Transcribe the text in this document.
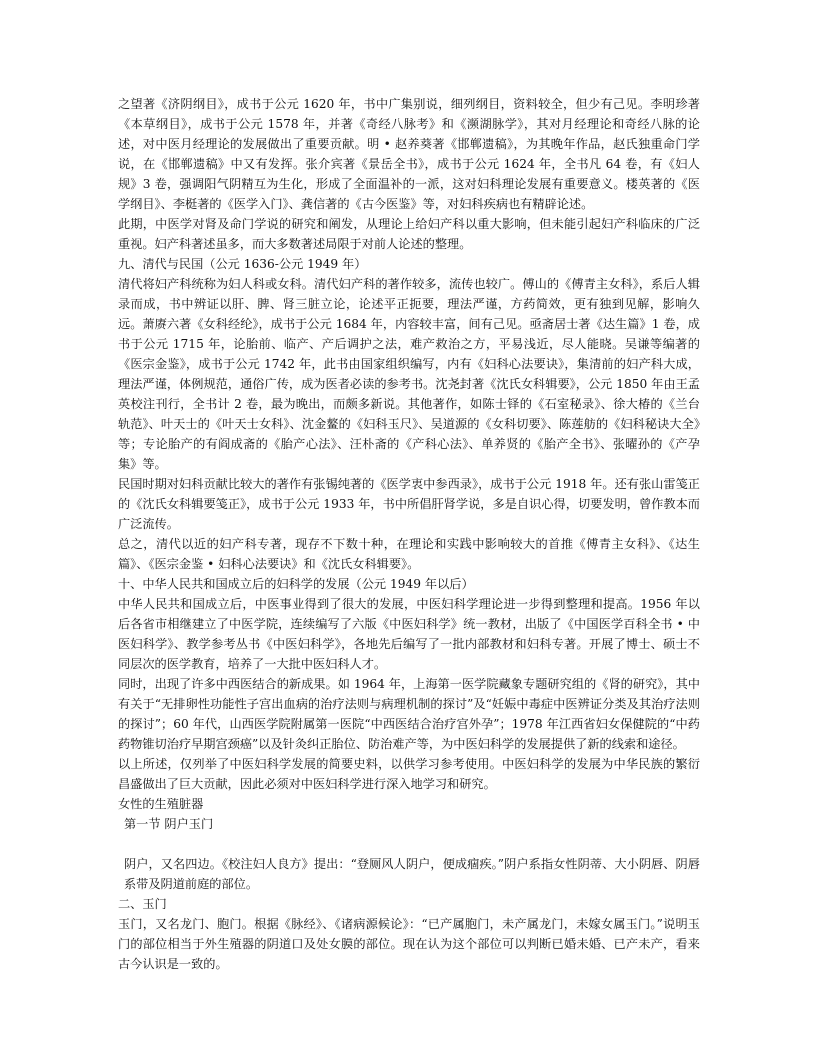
之望著《济阴纲目》，成书于公元 1620 年，书中广集别说，细列纲目，资料较全，但少有己见。李明珍著《本草纲目》，成书于公元 1578 年，并著《奇经八脉考》和《濒湖脉学》，其对月经理论和奇经八脉的论述，对中医月经理论的发展做出了重要贡献。明 • 赵养葵著《邯郸遗稿》，为其晚年作品，赵氏独重命门学说，在《邯郸遗稿》中又有发挥。张介宾著《景岳全书》，成书于公元 1624 年，全书凡 64 卷，有《妇人规》3 卷，强调阳气阴精互为生化，形成了全面温补的一派，这对妇科理论发展有重要意义。楼英著的《医学纲目》、李梃著的《医学入门》、龚信著的《古今医鉴》等，对妇科疾病也有精辟论述。

此期，中医学对肾及命门学说的研究和阐发，从理论上给妇产科以重大影响，但未能引起妇产科临床的广泛重视。妇产科著述虽多，而大多数著述局限于对前人论述的整理。

九、清代与民国（公元 1636-公元 1949 年）

清代将妇产科统称为妇人科或女科。清代妇产科的著作较多，流传也较广。傅山的《傅青主女科》，系后人辑录而成，书中辨证以肝、脾、肾三脏立论，论述平正扼要，理法严谨，方药简效，更有独到见解，影响久远。萧赓六著《女科经纶》，成书于公元 1684 年，内容较丰富，间有己见。亟斋居士著《达生篇》1 卷，成书于公元 1715 年，论胎前、临产、产后调护之法，难产救治之方，平易浅近，尽人能晓。吴谦等编著的《医宗金鉴》，成书于公元 1742 年，此书由国家组织编写，内有《妇科心法要诀》，集清前的妇产科大成，理法严谨，体例规范，通俗广传，成为医者必读的参考书。沈尧封著《沈氏女科辑要》，公元 1850 年由王孟英校注刊行，全书计 2 卷，最为晚出，而颇多新说。其他著作，如陈士铎的《石室秘录》、徐大椿的《兰台轨范》、叶天士的《叶天士女科》、沈金鳌的《妇科玉尺》、吴道源的《女科切要》、陈莲舫的《妇科秘诀大全》等；专论胎产的有阎成斋的《胎产心法》、汪朴斋的《产科心法》、单养贤的《胎产全书》、张曜孙的《产孕集》等。

民国时期对妇科贡献比较大的著作有张锡纯著的《医学衷中参西录》，成书于公元 1918 年。还有张山雷笺正的《沈氏女科辑要笺正》，成书于公元 1933 年，书中所倡肝肾学说，多是自识心得，切要发明，曾作教本而广泛流传。

总之，清代以近的妇产科专著，现存不下数十种，在理论和实践中影响较大的首推《傅青主女科》、《达生篇》、《医宗金鉴 • 妇科心法要诀》和《沈氏女科辑要》。

十、中华人民共和国成立后的妇科学的发展（公元 1949 年以后）

中华人民共和国成立后，中医事业得到了很大的发展，中医妇科学理论进一步得到整理和提高。1956 年以后各省市相继建立了中医学院，连续编写了六版《中医妇科学》统一教材，出版了《中国医学百科全书 • 中医妇科学》、教学参考丛书《中医妇科学》，各地先后编写了一批内部教材和妇科专著。开展了博士、硕士不同层次的医学教育，培养了一大批中医妇科人才。

同时，出现了许多中西医结合的新成果。如 1964 年，上海第一医学院藏象专题研究组的《肾的研究》，其中有关于“无排卵性功能性子宫出血病的治疗法则与病理机制的探讨”及“妊娠中毒症中医辨证分类及其治疗法则的探讨”；60 年代，山西医学院附属第一医院“中西医结合治疗宫外孕”；1978 年江西省妇女保健院的“中药药物锥切治疗早期宫颈癌”以及针灸纠正胎位、防治难产等，为中医妇科学的发展提供了新的线索和途径。

以上所述，仅列举了中医妇科学发展的简要史料，以供学习参考使用。中医妇科学的发展为中华民族的繁衍昌盛做出了巨大贡献，因此必须对中医妇科学进行深入地学习和研究。

女性的生殖脏器

第一节 阴户玉门

阴户，又名四边。《校注妇人良方》提出：“登厕风人阴户，便成痼疾。”阴户系指女性阴蒂、大小阴唇、阴唇系带及阴道前庭的部位。

二、玉门

玉门，又名龙门、胞门。根据《脉经》、《诸病源候论》：“已产属胞门，未产属龙门，未嫁女属玉门。”说明玉门的部位相当于外生殖器的阴道口及处女膜的部位。现在认为这个部位可以判断已婚未婚、已产未产，看来古今认识是一致的。
